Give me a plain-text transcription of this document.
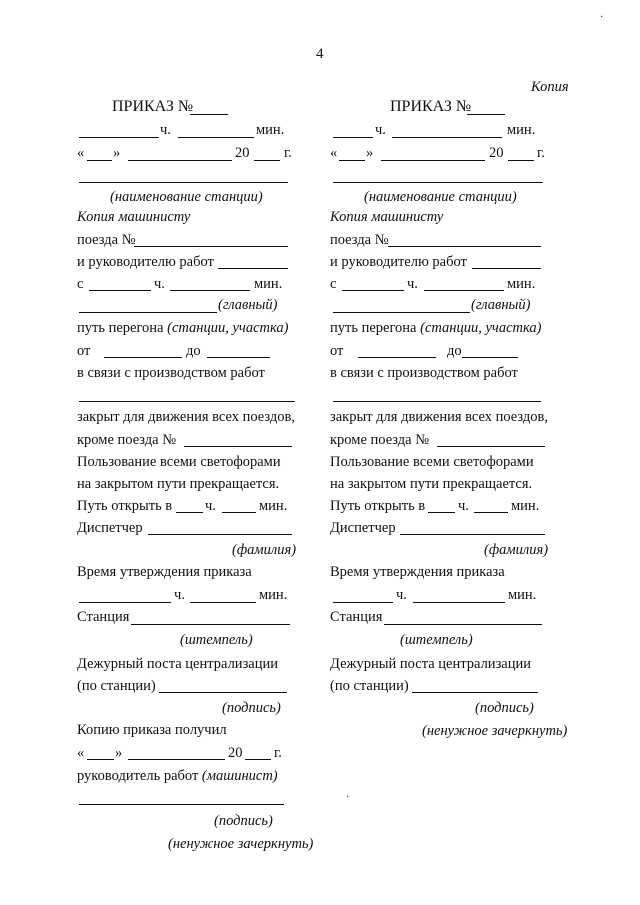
4
Копия
·
·
ПРИКАЗ №
ч.	мин.
« »	20 г.
(наименование станции)
Копия машинисту
поезда №
и руководителю работ
с	ч.	мин.
(главный)
путь перегона (станции, участка)
от	до
в связи с производством работ
закрыт для движения всех поездов,
кроме поезда №
Пользование всеми светофорами
на закрытом пути прекращается.
Путь открыть в ч.	мин.
Диспетчер
(фамилия)
Время утверждения приказа
ч.	мин.
Станция
(штемпель)
Дежурный поста централизации
(по станции)
(подпись)
Копию приказа получил
« »	20 г.
руководитель работ (машинист)
(подпись)
(ненужное зачеркнуть)
ПРИКАЗ №
ч.	мин.
« »	20 г.
(наименование станции)
Копия машинисту
поезда №
и руководителю работ
с	ч.	мин.
(главный)
путь перегона (станции, участка)
от	до
в связи с производством работ
закрыт для движения всех поездов,
кроме поезда №
Пользование всеми светофорами
на закрытом пути прекращается.
Путь открыть в ч.	мин.
Диспетчер
(фамилия)
Время утверждения приказа
ч.	мин.
Станция
(штемпель)
Дежурный поста централизации
(по станции)
(подпись)
(ненужное зачеркнуть)
